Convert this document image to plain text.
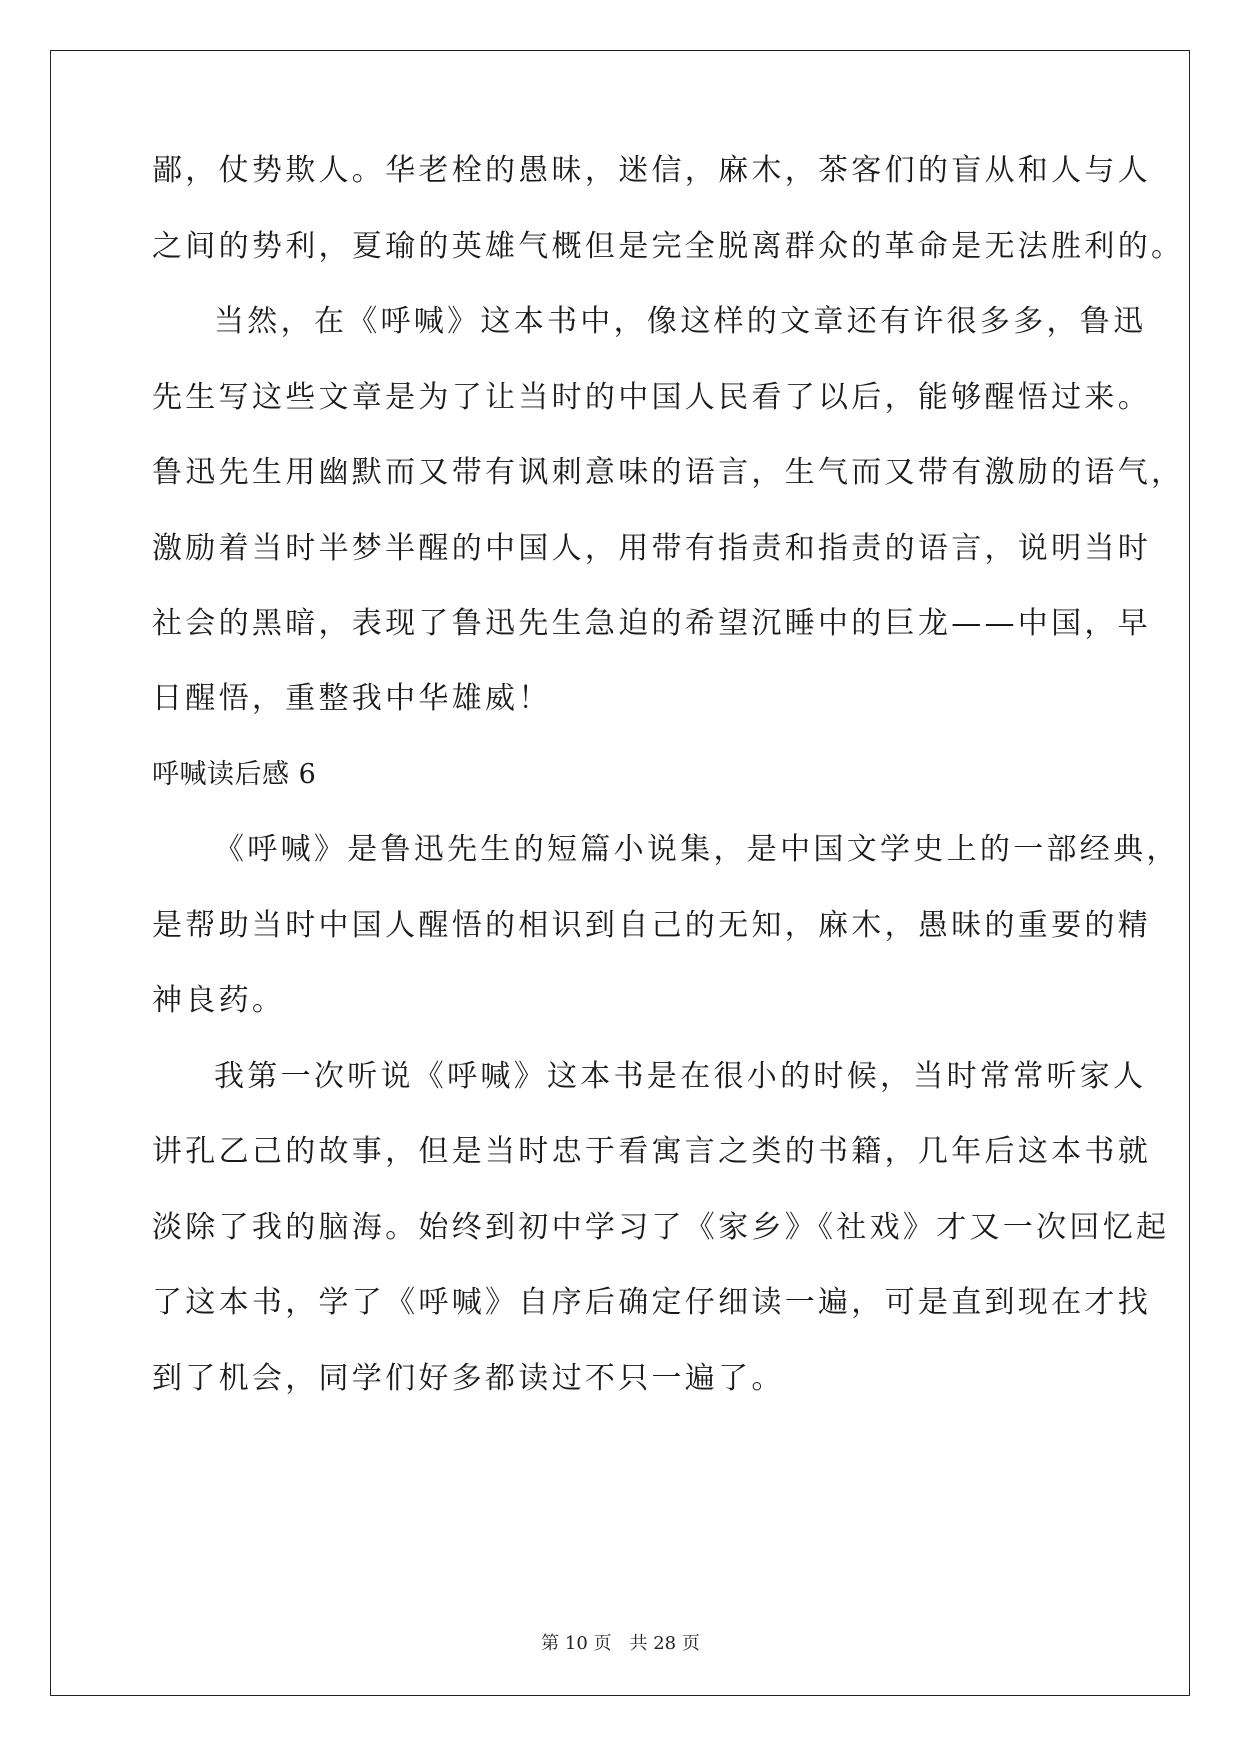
鄙，仗势欺人。华老栓的愚昧，迷信，麻木，茶客们的盲从和人与人
之间的势利，夏瑜的英雄气概但是完全脱离群众的革命是无法胜利的。
当然，在《呼喊》这本书中，像这样的文章还有许很多多，鲁迅
先生写这些文章是为了让当时的中国人民看了以后，能够醒悟过来。
鲁迅先生用幽默而又带有讽刺意味的语言，生气而又带有激励的语气，
激励着当时半梦半醒的中国人，用带有指责和指责的语言，说明当时
社会的黑暗，表现了鲁迅先生急迫的希望沉睡中的巨龙——中国，早
日醒悟，重整我中华雄威！
呼喊读后感 6
《呼喊》是鲁迅先生的短篇小说集，是中国文学史上的一部经典，
是帮助当时中国人醒悟的相识到自己的无知，麻木，愚昧的重要的精
神良药。
我第一次听说《呼喊》这本书是在很小的时候，当时常常听家人
讲孔乙己的故事，但是当时忠于看寓言之类的书籍，几年后这本书就
淡除了我的脑海。始终到初中学习了《家乡》《社戏》才又一次回忆起
了这本书，学了《呼喊》自序后确定仔细读一遍，可是直到现在才找
到了机会，同学们好多都读过不只一遍了。
第 10 页 共 28 页
